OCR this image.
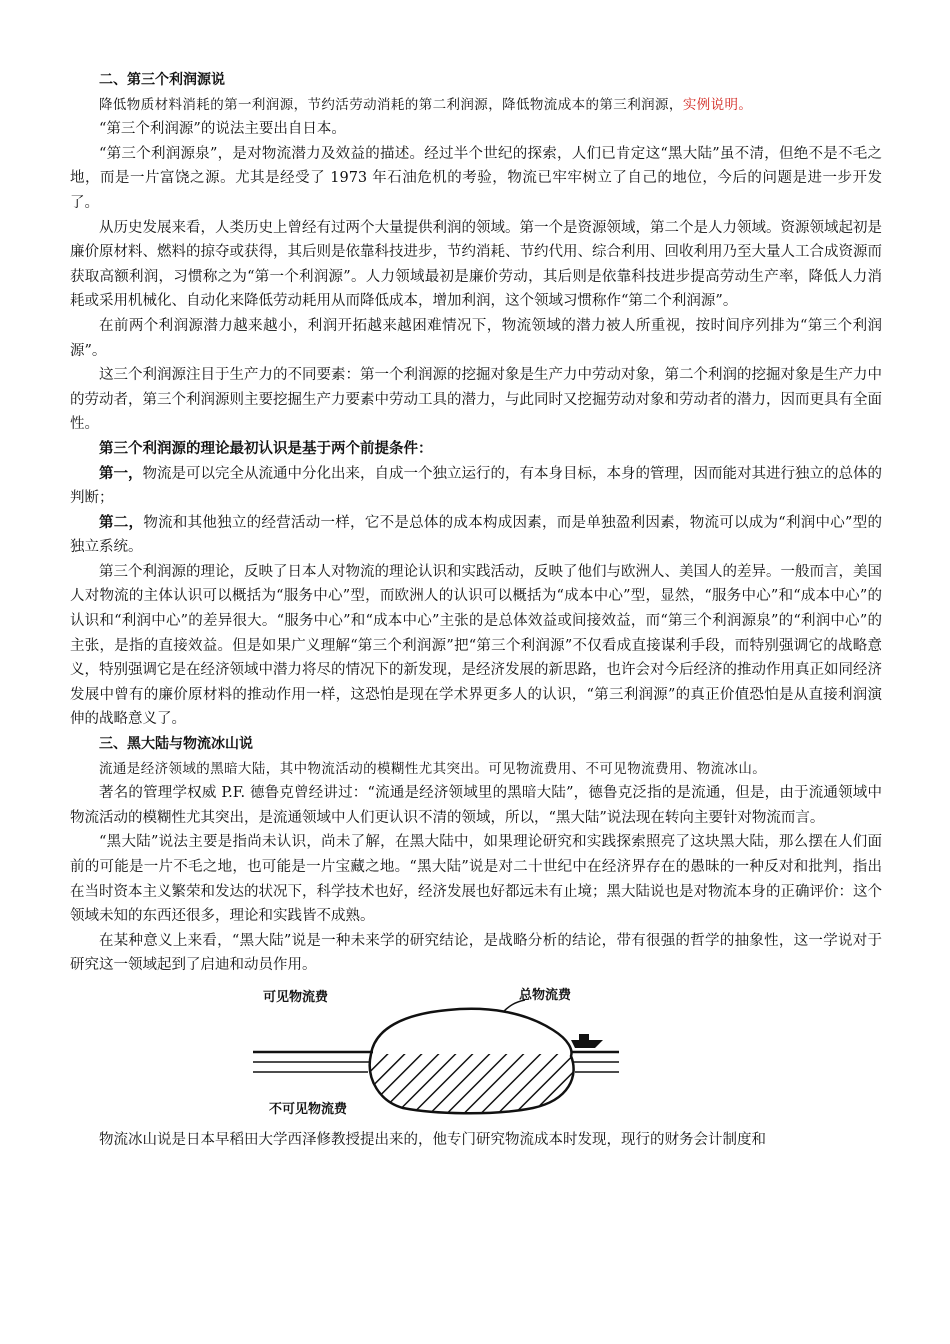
二、第三个利润源说

降低物质材料消耗的第一利润源，节约活劳动消耗的第二利润源，降低物流成本的第三利润源，实例说明。

“第三个利润源”的说法主要出自日本。

“第三个利润源泉”，是对物流潜力及效益的描述。经过半个世纪的探索，人们已肯定这“黑大陆”虽不清，但绝不是不毛之地，而是一片富饶之源。尤其是经受了 1973 年石油危机的考验，物流已牢牢树立了自己的地位，今后的问题是进一步开发了。

从历史发展来看，人类历史上曾经有过两个大量提供利润的领域。第一个是资源领域，第二个是人力领域。资源领域起初是廉价原材料、燃料的掠夺或获得，其后则是依靠科技进步，节约消耗、节约代用、综合利用、回收利用乃至大量人工合成资源而获取高额利润，习惯称之为“第一个利润源”。人力领域最初是廉价劳动，其后则是依靠科技进步提高劳动生产率，降低人力消耗或采用机械化、自动化来降低劳动耗用从而降低成本，增加利润，这个领域习惯称作“第二个利润源”。

在前两个利润源潜力越来越小，利润开拓越来越困难情况下，物流领域的潜力被人所重视，按时间序列排为“第三个利润源”。

这三个利润源注目于生产力的不同要素：第一个利润源的挖掘对象是生产力中劳动对象，第二个利润的挖掘对象是生产力中的劳动者，第三个利润源则主要挖掘生产力要素中劳动工具的潜力，与此同时又挖掘劳动对象和劳动者的潜力，因而更具有全面性。

第三个利润源的理论最初认识是基于两个前提条件：

第一，物流是可以完全从流通中分化出来，自成一个独立运行的，有本身目标，本身的管理，因而能对其进行独立的总体的判断；

第二，物流和其他独立的经营活动一样，它不是总体的成本构成因素，而是单独盈利因素，物流可以成为“利润中心”型的独立系统。

第三个利润源的理论，反映了日本人对物流的理论认识和实践活动，反映了他们与欧洲人、美国人的差异。一般而言，美国人对物流的主体认识可以概括为“服务中心”型，而欧洲人的认识可以概括为“成本中心”型，显然，“服务中心”和“成本中心”的认识和“利润中心”的差异很大。“服务中心”和“成本中心”主张的是总体效益或间接效益，而“第三个利润源泉”的“利润中心”的主张，是指的直接效益。但是如果广义理解“第三个利润源”把“第三个利润源”不仅看成直接谋利手段，而特别强调它的战略意义，特别强调它是在经济领域中潜力将尽的情况下的新发现，是经济发展的新思路，也许会对今后经济的推动作用真正如同经济发展中曾有的廉价原材料的推动作用一样，这恐怕是现在学术界更多人的认识，“第三利润源”的真正价值恐怕是从直接利润演伸的战略意义了。

三、黑大陆与物流冰山说

流通是经济领域的黑暗大陆，其中物流活动的模糊性尤其突出。可见物流费用、不可见物流费用、物流冰山。

著名的管理学权威 P.F. 德鲁克曾经讲过：“流通是经济领域里的黑暗大陆”，德鲁克泛指的是流通，但是，由于流通领域中物流活动的模糊性尤其突出，是流通领域中人们更认识不清的领域，所以，“黑大陆”说法现在转向主要针对物流而言。

“黑大陆”说法主要是指尚未认识，尚未了解，在黑大陆中，如果理论研究和实践探索照亮了这块黑大陆，那么摆在人们面前的可能是一片不毛之地，也可能是一片宝藏之地。“黑大陆”说是对二十世纪中在经济界存在的愚昧的一种反对和批判，指出在当时资本主义繁荣和发达的状况下，科学技术也好，经济发展也好都远未有止境；黑大陆说也是对物流本身的正确评价：这个领域未知的东西还很多，理论和实践皆不成熟。

在某种意义上来看，“黑大陆”说是一种未来学的研究结论，是战略分析的结论，带有很强的哲学的抽象性，这一学说对于研究这一领域起到了启迪和动员作用。

可见物流费	总物流费
不可见物流费

物流冰山说是日本早稻田大学西泽修教授提出来的，他专门研究物流成本时发现，现行的财务会计制度和
